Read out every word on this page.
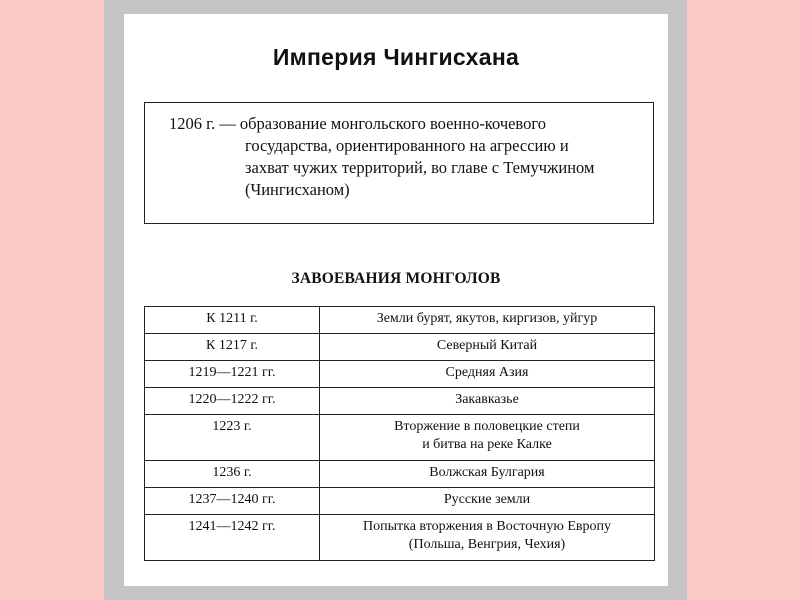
Империя Чингисхана
1206 г. — образование монгольского военно-кочевого
государства, ориентированного на агрессию и
захват чужих территорий, во главе с Темучжином
(Чингисханом)
ЗАВОЕВАНИЯ МОНГОЛОВ
К 1211 г.	Земли бурят, якутов, киргизов, уйгур

К 1217 г.	Северный Китай

1219—1221 гг.	Средняя Азия

1220—1222 гг.	Закавказье

1223 г.	Вторжение в половецкие степи
и битва на реке Калке

1236 г.	Волжская Булгария

1237—1240 гг.	Русские земли

1241—1242 гг.	Попытка вторжения в Восточную Европу
(Польша, Венгрия, Чехия)
